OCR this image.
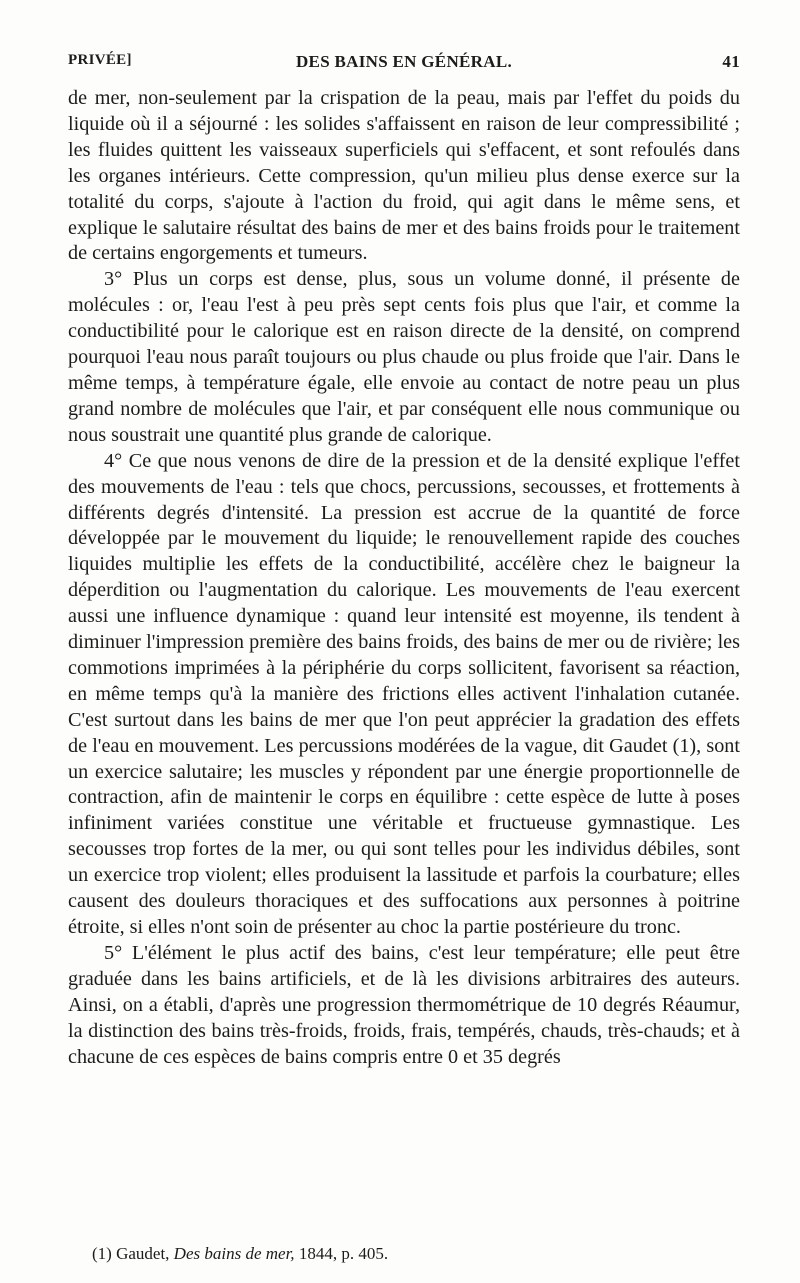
PRIVÉE]	DES BAINS EN GÉNÉRAL.	41

de mer, non-seulement par la crispation de la peau, mais par l'effet du poids du liquide où il a séjourné : les solides s'affaissent en raison de leur compressibilité ; les fluides quittent les vaisseaux superficiels qui s'effacent, et sont refoulés dans les organes intérieurs. Cette compression, qu'un milieu plus dense exerce sur la totalité du corps, s'ajoute à l'action du froid, qui agit dans le même sens, et explique le salutaire résultat des bains de mer et des bains froids pour le traitement de certains engorgements et tumeurs.

3° Plus un corps est dense, plus, sous un volume donné, il présente de molécules : or, l'eau l'est à peu près sept cents fois plus que l'air, et comme la conductibilité pour le calorique est en raison directe de la densité, on comprend pourquoi l'eau nous paraît toujours ou plus chaude ou plus froide que l'air. Dans le même temps, à température égale, elle envoie au contact de notre peau un plus grand nombre de molécules que l'air, et par conséquent elle nous communique ou nous soustrait une quantité plus grande de calorique.

4° Ce que nous venons de dire de la pression et de la densité explique l'effet des mouvements de l'eau : tels que chocs, percussions, secousses, et frottements à différents degrés d'intensité. La pression est accrue de la quantité de force développée par le mouvement du liquide; le renouvellement rapide des couches liquides multiplie les effets de la conductibilité, accélère chez le baigneur la déperdition ou l'augmentation du calorique. Les mouvements de l'eau exercent aussi une influence dynamique : quand leur intensité est moyenne, ils tendent à diminuer l'impression première des bains froids, des bains de mer ou de rivière; les commotions imprimées à la périphérie du corps sollicitent, favorisent sa réaction, en même temps qu'à la manière des frictions elles activent l'inhalation cutanée. C'est surtout dans les bains de mer que l'on peut apprécier la gradation des effets de l'eau en mouvement. Les percussions modérées de la vague, dit Gaudet (1), sont un exercice salutaire; les muscles y répondent par une énergie proportionnelle de contraction, afin de maintenir le corps en équilibre : cette espèce de lutte à poses infiniment variées constitue une véritable et fructueuse gymnastique. Les secousses trop fortes de la mer, ou qui sont telles pour les individus débiles, sont un exercice trop violent; elles produisent la lassitude et parfois la courbature; elles causent des douleurs thoraciques et des suffocations aux personnes à poitrine étroite, si elles n'ont soin de présenter au choc la partie postérieure du tronc.

5° L'élément le plus actif des bains, c'est leur température; elle peut être graduée dans les bains artificiels, et de là les divisions arbitraires des auteurs. Ainsi, on a établi, d'après une progression thermométrique de 10 degrés Réaumur, la distinction des bains très-froids, froids, frais, tempérés, chauds, très-chauds; et à chacune de ces espèces de bains compris entre 0 et 35 degrés

(1) Gaudet, Des bains de mer, 1844, p. 405.
